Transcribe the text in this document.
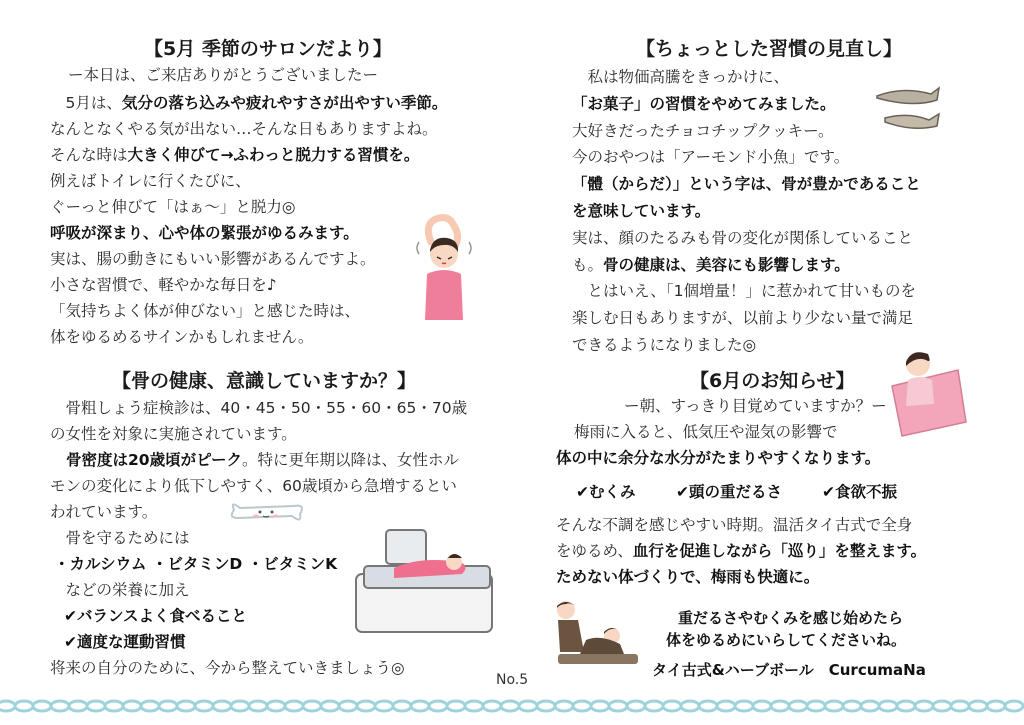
【5月 季節のサロンだより】
ー本日は、ご来店ありがとうございましたー
　5月は、気分の落ち込みや疲れやすさが出やすい季節。
なんとなくやる気が出ない…そんな日もありますよね。
そんな時は大きく伸びて→ふわっと脱力する習慣を。
例えばトイレに行くたびに、
ぐーっと伸びて「はぁ〜」と脱力◎
呼吸が深まり、心や体の緊張がゆるみます。
実は、腸の動きにもいい影響があるんですよ。
小さな習慣で、軽やかな毎日を♪
「気持ちよく体が伸びない」と感じた時は、
体をゆるめるサインかもしれません。
【骨の健康、意識していますか？】
　骨粗しょう症検診は、40・45・50・55・60・65・70歳
の女性を対象に実施されています。
骨密度は20歳頃がピーク。特に更年期以降は、女性ホル
モンの変化により低下しやすく、60歳頃から急増するとい
われています。
　骨を守るためには
・カルシウム ・ビタミンD ・ビタミンK
　などの栄養に加え
✔バランスよく食べること
✔適度な運動習慣
将来の自分のために、今から整えていきましょう◎
【ちょっとした習慣の見直し】
　私は物価高騰をきっかけに、
「お菓子」の習慣をやめてみました。
大好きだったチョコチップクッキー。
今のおやつは「アーモンド小魚」です。
「體（からだ）」という字は、骨が豊かであること
を意味しています。
実は、顔のたるみも骨の変化が関係していること
も。骨の健康は、美容にも影響します。
　とはいえ、「1個増量！」に惹かれて甘いものを
楽しむ日もありますが、以前より少ない量で満足
できるようになりました◎
【6月のお知らせ】
ー朝、すっきり目覚めていますか？ー
梅雨に入ると、低気圧や湿気の影響で
体の中に余分な水分がたまりやすくなります。
✔むくみ	✔頭の重だるさ	✔食欲不振
そんな不調を感じやすい時期。温活タイ古式で全身
をゆるめ、血行を促進しながら「巡り」を整えます。
ためない体づくりで、梅雨も快適に。
重だるさやむくみを感じ始めたら
体をゆるめにいらしてくださいね。
タイ古式&ハーブボール　CurcumaNa
No.5
